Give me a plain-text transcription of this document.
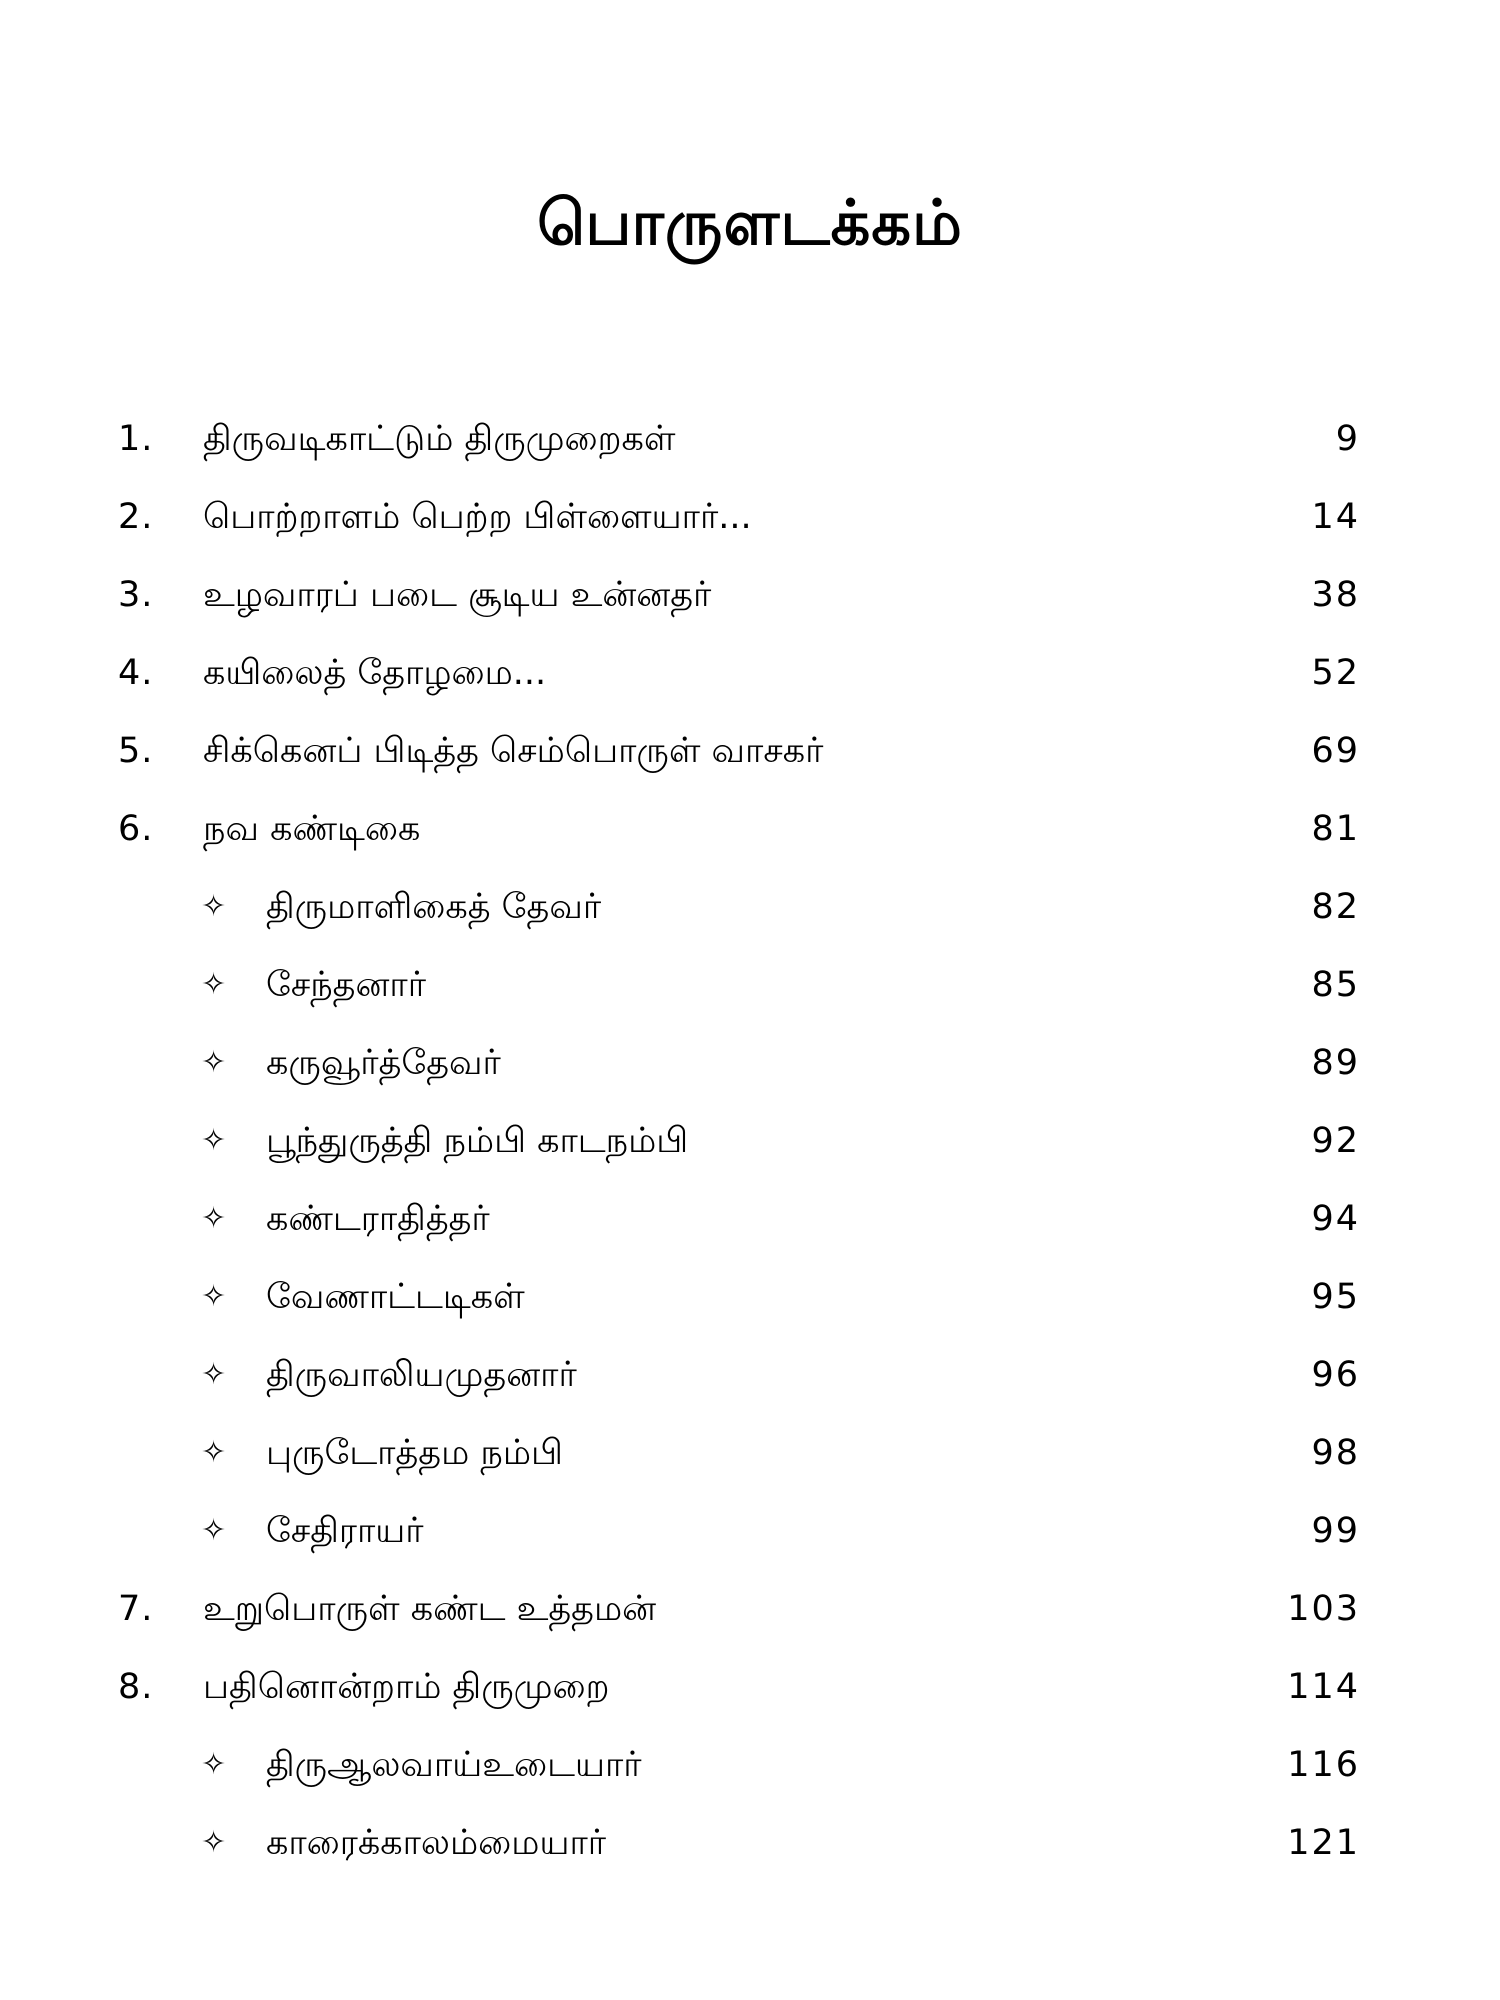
பொருளடக்கம்
1.	திருவடிகாட்டும் திருமுறைகள்	9
2.	பொற்றாளம் பெற்ற பிள்ளையார்...	14
3.	உழவாரப் படை சூடிய உன்னதர்	38
4.	கயிலைத் தோழமை...	52
5.	சிக்கெனப் பிடித்த செம்பொருள் வாசகர்	69
6.	நவ கண்டிகை	81
✧	திருமாளிகைத் தேவர்	82
✧	சேந்தனார்	85
✧	கருவூர்த்தேவர்	89
✧	பூந்துருத்தி நம்பி காடநம்பி	92
✧	கண்டராதித்தர்	94
✧	வேணாட்டடிகள்	95
✧	திருவாலியமுதனார்	96
✧	புருடோத்தம நம்பி	98
✧	சேதிராயர்	99
7.	உறுபொருள் கண்ட உத்தமன்	103
8.	பதினொன்றாம் திருமுறை	114
✧	திருஆலவாய்உடையார்	116
✧	காரைக்காலம்மையார்	121
